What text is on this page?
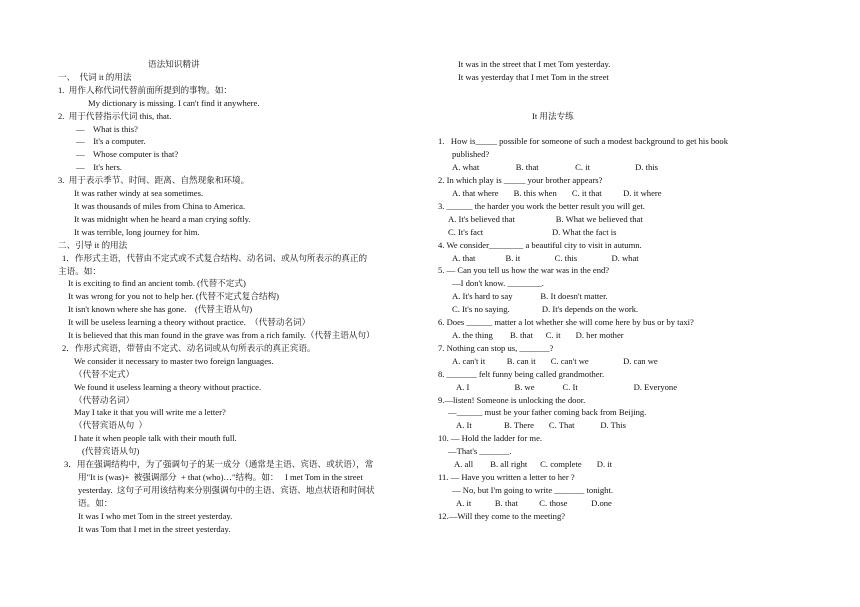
语法知识精讲
一、  代词 it 的用法
1.  用作人称代词代替前面所提到的事物。如：
My dictionary is missing. I can't find it anywhere.
2.  用于代替指示代词 this, that.
—    What is this?
—    It's a computer.
—    Whose computer is that?
—    It's hers.
3.  用于表示季节、时间、距离、自然现象和环境。
It was rather windy at sea sometimes.
It was thousands of miles from China to America.
It was midnight when he heard a man crying softly.
It was terrible, long journey for him.
二、引导 it 的用法
1．作形式主语，代替由不定式或不式复合结构、动名词、或从句所表示的真正的
主语。如：
It is exciting to find an ancient tomb. (代替不定式)
It was wrong for you not to help her. (代替不定式复合结构)
It isn't known where she has gone.    (代替主语从句)
It will be useless learning a theory without practice.  （代替动名词）
It is believed that this man found in the grave was from a rich family.（代替主语从句）
2．作形式宾语，带替由不定式、动名词或从句所表示的真正宾语。
We consider it necessary to master two foreign languages.
（代替不定式）
We found it useless learning a theory without practice.
（代替动名词）
May I take it that you will write me a letter?
（代替宾语从句  ）
I hate it when people talk with their mouth full.
(代替宾语从句)
3．用在强调结构中，为了强调句子的某一成分（通常是主语、宾语、或状语），常
用"It is (was)+  被强调部分  + that (who)…"结构。如：   I met Tom in the street
yesterday.  这句子可用该结构来分别强调句中的主语、宾语、地点状语和时间状
语。如：
It was I who met Tom in the street yesterday.
It was Tom that I met in the street yesterday.
It was in the street that I met Tom yesterday.
It was yesterday that I met Tom in the street
It 用法专练
1.   How is_____ possible for someone of such a modest background to get his book
published?
A. what                 B. that                 C. it                     D. this
2. In which play is _____ your brother appears?
A. that where       B. this when       C. it that          D. it where
3. ______ the harder you work the better result you will get.
A. It's believed that                   B. What we believed that
C. It's fact                                D. What the fact is
4. We consider________ a beautiful city to visit in autumn.
A. that              B. it                C. this                D. what
5. — Can you tell us how the war was in the end?
—I don't know. ________.
A. It's hard to say             B. It doesn't matter.
C. It's no saying.               D. It's depends on the work.
6. Does ______ matter a lot whether she will come here by bus or by taxi?
A. the thing        B. that      C. it       D. her mother
7. Nothing can stop us, _______?
A. can't it          B. can it       C. can't we                D. can we
8. _______ felt funny being called grandmother.
A. I                     B. we             C. It                          D. Everyone
9.—listen! Someone is unlocking the door.
—______ must be your father coming back from Beijing.
A. It               B. There       C. That            D. This
10. — Hold the ladder for me.
—That's _______.
A. all        B. all right      C. complete       D. it
11. — Have you written a letter to her ?
— No, but I'm going to write _______ tonight.
A. it           B. that          C. those           D.one
12.—Will they come to the meeting?
